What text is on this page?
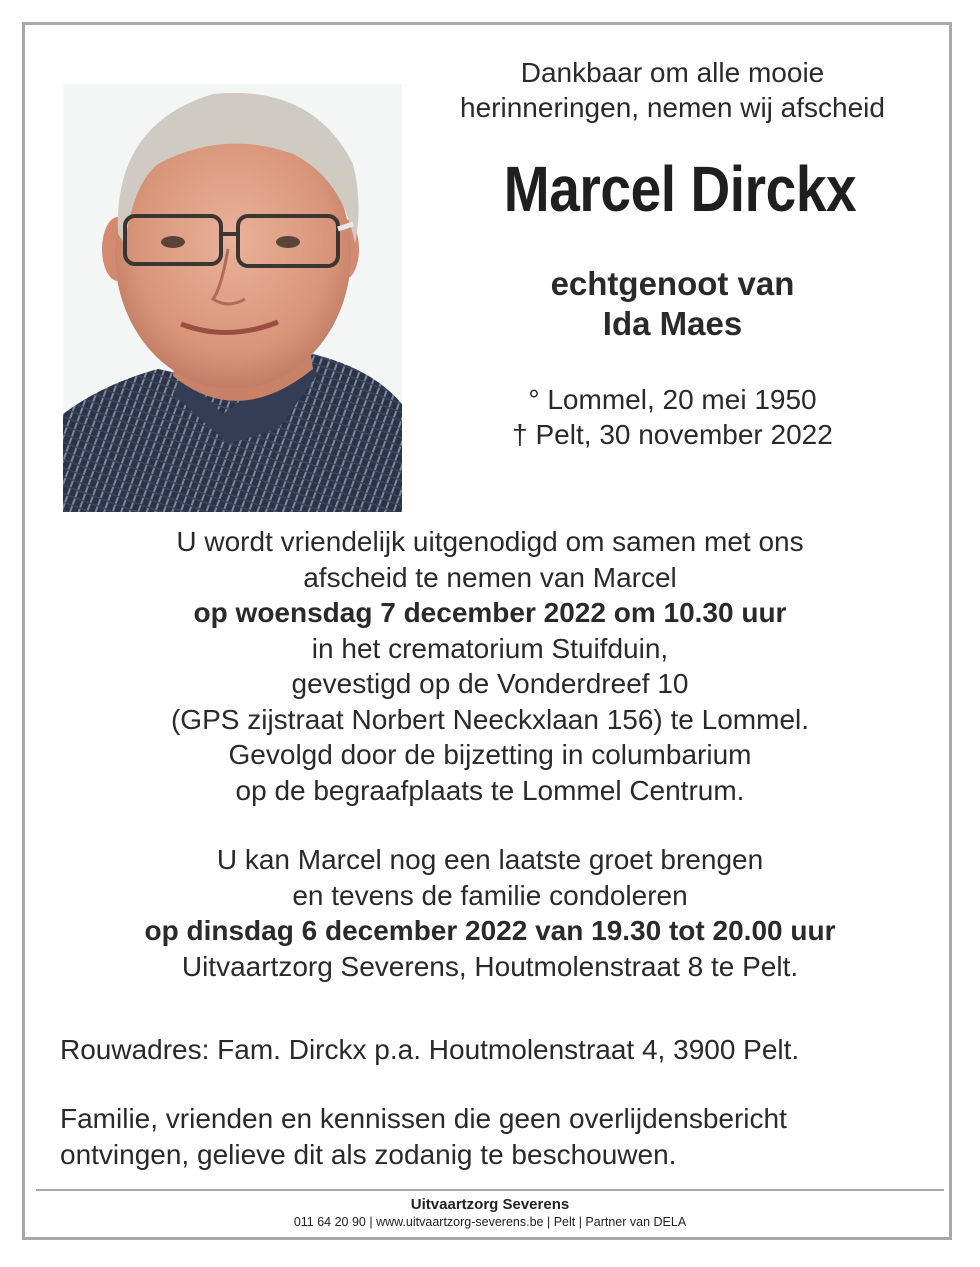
Dankbaar om alle mooie
herinneringen, nemen wij afscheid
Marcel Dirckx
echtgenoot van
Ida Maes
° Lommel, 20 mei 1950
† Pelt, 30 november 2022
U wordt vriendelijk uitgenodigd om samen met ons
afscheid te nemen van Marcel
op woensdag 7 december 2022 om 10.30 uur
in het crematorium Stuifduin,
gevestigd op de Vonderdreef 10
(GPS zijstraat Norbert Neeckxlaan 156) te Lommel.
Gevolgd door de bijzetting in columbarium
op de begraafplaats te Lommel Centrum.
U kan Marcel nog een laatste groet brengen
en tevens de familie condoleren
op dinsdag 6 december 2022 van 19.30 tot 20.00 uur
Uitvaartzorg Severens, Houtmolenstraat 8 te Pelt.
Rouwadres: Fam. Dirckx p.a. Houtmolenstraat 4, 3900 Pelt.
Familie, vrienden en kennissen die geen overlijdensbericht
ontvingen, gelieve dit als zodanig te beschouwen.
Uitvaartzorg Severens
011 64 20 90 | www.uitvaartzorg-severens.be | Pelt | Partner van DELA
